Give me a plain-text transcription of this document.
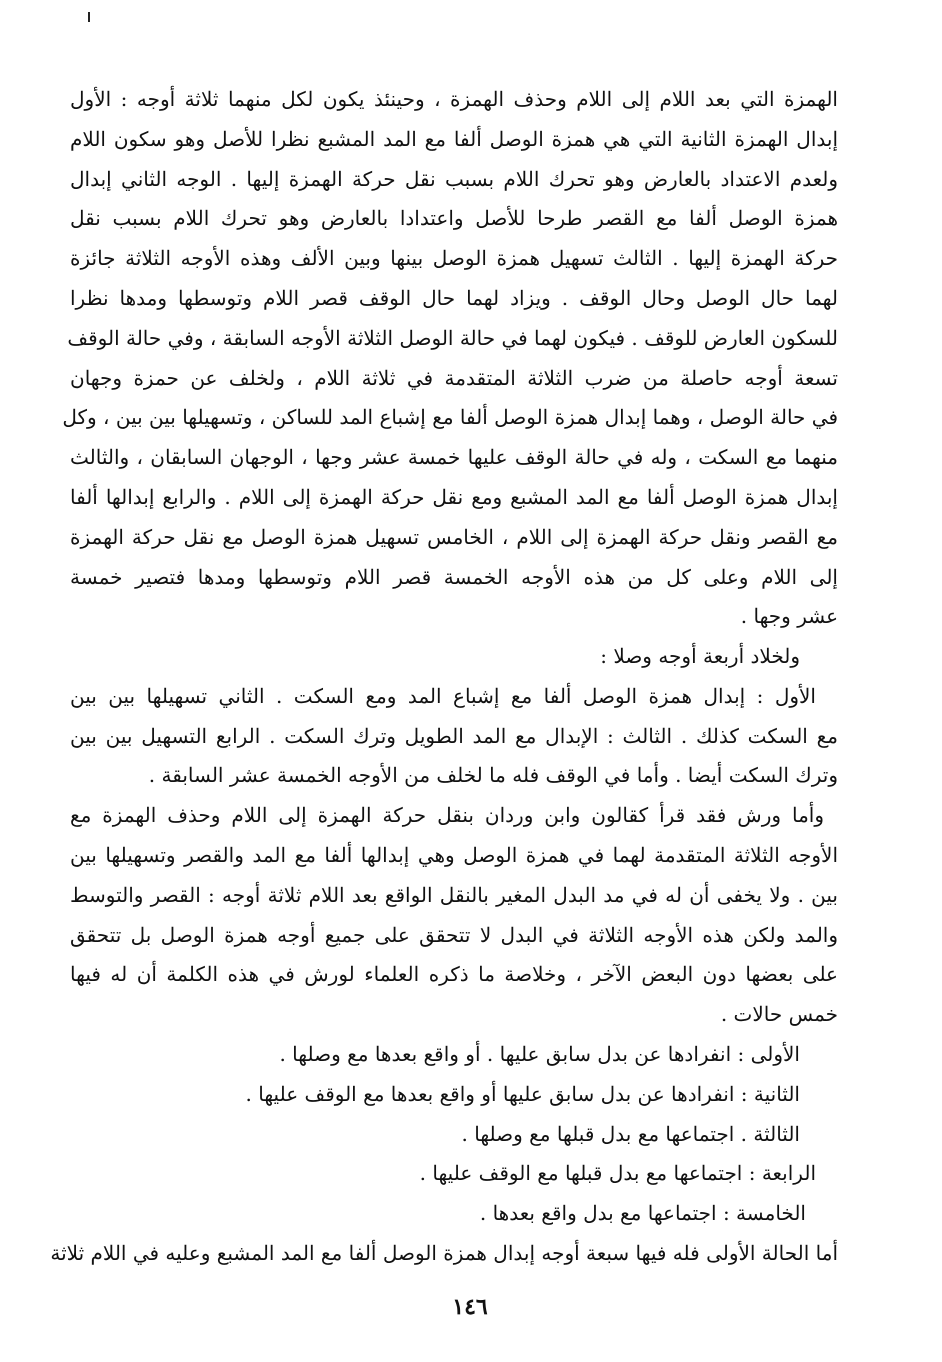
الهمزة التي بعد اللام إلى اللام وحذف الهمزة ، وحينئذ يكون لكل منهما ثلاثة أوجه : الأول
إبدال الهمزة الثانية التي هي همزة الوصل ألفا مع المد المشبع نظرا للأصل وهو سكون اللام
ولعدم الاعتداد بالعارض وهو تحرك اللام بسبب نقل حركة الهمزة إليها . الوجه الثاني إبدال
همزة الوصل ألفا مع القصر طرحا للأصل واعتدادا بالعارض وهو تحرك اللام بسبب نقل
حركة الهمزة إليها . الثالث تسهيل همزة الوصل بينها وبين الألف وهذه الأوجه الثلاثة جائزة
لهما حال الوصل وحال الوقف . ويزاد لهما حال الوقف قصر اللام وتوسطها ومدها نظرا
للسكون العارض للوقف . فيكون لهما في حالة الوصل الثلاثة الأوجه السابقة ، وفي حالة الوقف
تسعة أوجه حاصلة من ضرب الثلاثة المتقدمة في ثلاثة اللام ، ولخلف عن حمزة وجهان
في حالة الوصل ، وهما إبدال همزة الوصل ألفا مع إشباع المد للساكن ، وتسهيلها بين بين ، وكل
منهما مع السكت ، وله في حالة الوقف عليها خمسة عشر وجها ، الوجهان السابقان ، والثالث
إبدال همزة الوصل ألفا مع المد المشبع ومع نقل حركة الهمزة إلى اللام . والرابع إبدالها ألفا
مع القصر ونقل حركة الهمزة إلى اللام ، الخامس تسهيل همزة الوصل مع نقل حركة الهمزة
إلى اللام وعلى كل من هذه الأوجه الخمسة قصر اللام وتوسطها ومدها فتصير خمسة
عشر وجها .
ولخلاد أربعة أوجه وصلا :
الأول : إبدال همزة الوصل ألفا مع إشباع المد ومع السكت . الثاني تسهيلها بين بين
مع السكت كذلك . الثالث : الإبدال مع المد الطويل وترك السكت . الرابع التسهيل بين بين
وترك السكت أيضا . وأما في الوقف فله ما لخلف من الأوجه الخمسة عشر السابقة .
وأما ورش فقد قرأ كقالون وابن وردان بنقل حركة الهمزة إلى اللام وحذف الهمزة مع
الأوجه الثلاثة المتقدمة لهما في همزة الوصل وهي إبدالها ألفا مع المد والقصر وتسهيلها بين
بين . ولا يخفى أن له في مد البدل المغير بالنقل الواقع بعد اللام ثلاثة أوجه : القصر والتوسط
والمد ولكن هذه الأوجه الثلاثة في البدل لا تتحقق على جميع أوجه همزة الوصل بل تتحقق
على بعضها دون البعض الآخر ، وخلاصة ما ذكره العلماء لورش في هذه الكلمة أن له فيها
خمس حالات .
الأولى : انفرادها عن بدل سابق عليها . أو واقع بعدها مع وصلها .
الثانية : انفرادها عن بدل سابق عليها أو واقع بعدها مع الوقف عليها .
الثالثة . اجتماعها مع بدل قبلها مع وصلها .
الرابعة : اجتماعها مع بدل قبلها مع الوقف عليها .
الخامسة : اجتماعها مع بدل واقع بعدها .
أما الحالة الأولى فله فيها سبعة أوجه إبدال همزة الوصل ألفا مع المد المشبع وعليه في اللام ثلاثة
١٤٦
